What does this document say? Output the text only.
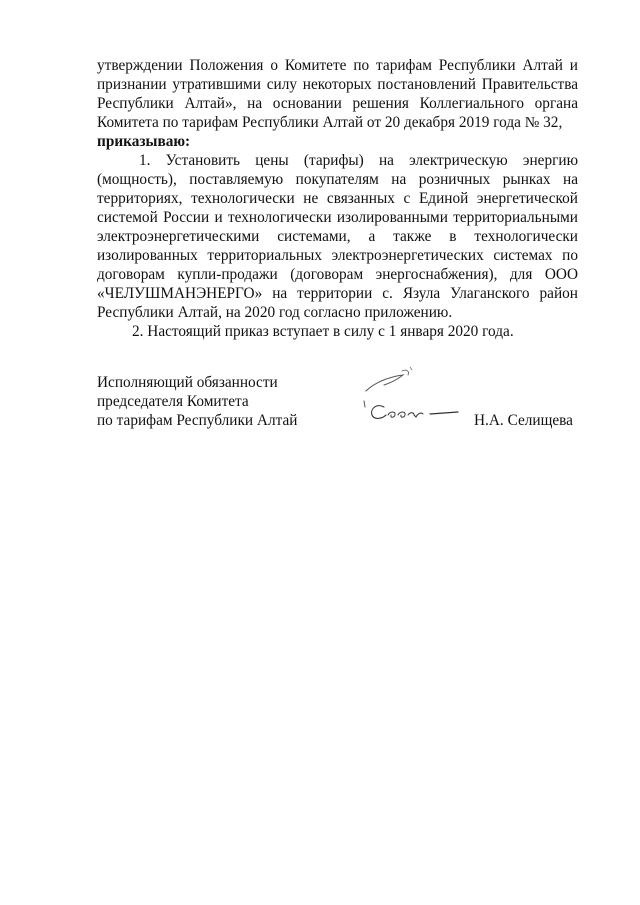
утверждении Положения о Комитете по тарифам Республики Алтай и
признании утратившими силу некоторых постановлений Правительства
Республики Алтай», на основании решения Коллегиального органа
Комитета по тарифам Республики Алтай от 20 декабря 2019 года № 32,
приказываю:
1. Установить цены (тарифы) на электрическую энергию
(мощность), поставляемую покупателям на розничных рынках на
территориях, технологически не связанных с Единой энергетической
системой России и технологически изолированными территориальными
электроэнергетическими системами, а также в технологически
изолированных территориальных электроэнергетических системах по
договорам купли-продажи (договорам энергоснабжения), для ООО
«ЧЕЛУШМАНЭНЕРГО» на территории с. Язула Улаганского район
Республики Алтай, на 2020 год согласно приложению.
2. Настоящий приказ вступает в силу с 1 января 2020 года.
Исполняющий обязанности
председателя Комитета
по тарифам Республики Алтай	Н.А. Селищева
